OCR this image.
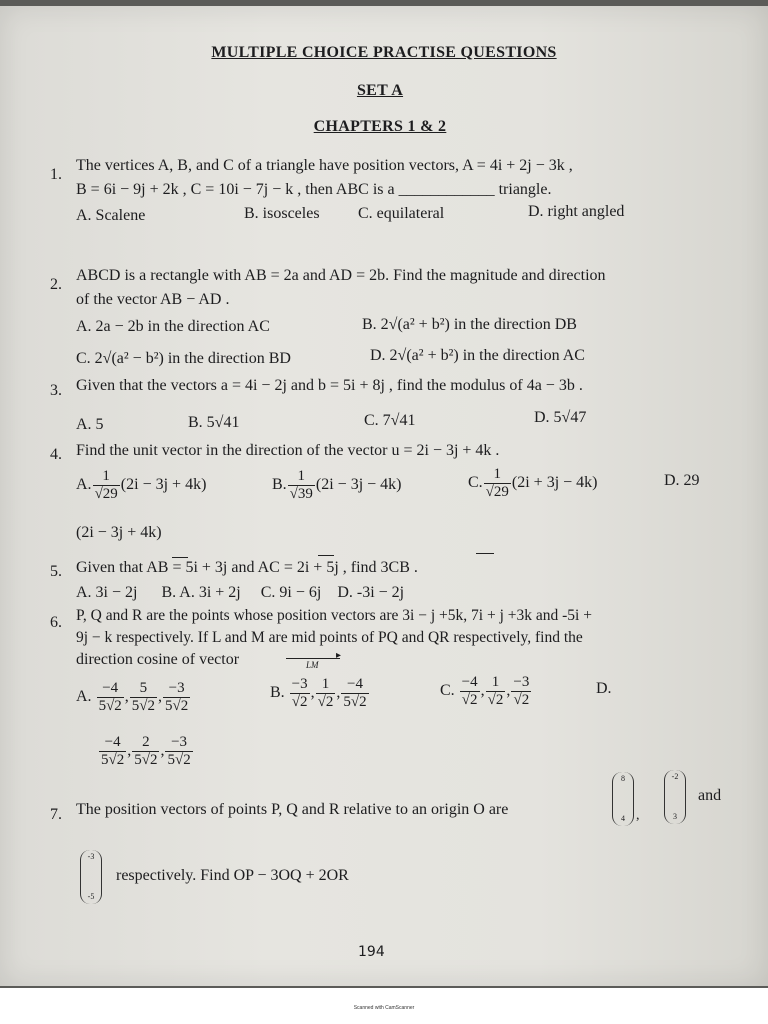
Scanned with CamScanner
MULTIPLE CHOICE PRACTISE QUESTIONS
SET A
CHAPTERS 1 & 2
1.
The vertices A, B, and C of a triangle have position vectors, A = 4i + 2j − 3k ,
B = 6i − 9j + 2k , C = 10i − 7j − k , then ABC is a ____________ triangle.
A. Scalene	B. isosceles C. equilateral	D. right angled
2.
ABCD is a rectangle with AB = 2a and AD = 2b. Find the magnitude and direction
of the vector AB − AD .
A. 2a − 2b in the direction AC	B. 2√(a² + b²) in the direction DB
C. 2√(a² − b²) in the direction BD	D. 2√(a² + b²) in the direction AC
3. Given that the vectors a = 4i − 2j and b = 5i + 8j , find the modulus of 4a − 3b .
A. 5	B. 5√41	C. 7√41	D. 5√47
4. Find the unit vector in the direction of the vector u = 2i − 3j + 4k .
A. $\frac{1}{√29} (2i - 3j + 4k)$	B. $\frac{1}{√39} (2i - 3j - 4k)$	C. $\frac{1}{√29} (2i + 3j - 4k)$	D. 29
(2i − 3j + 4k)
5. Given that AB = 5i + 3j and AC = 2i + 5j , find 3CB .
A. 3i − 2j      B. A. 3i + 2j     C. 9i − 6j    D. -3i − 2j
6. P, Q and R are the points whose position vectors are 3i − j +5k, 7i + j +3k and -5i +
9j − k respectively. If L and M are mid points of PQ and QR respectively, find the
direction cosine of vector	LM
▸
A. $\frac{-4}{5√2}$ , $\frac{5}{5√2}$ , $\frac{-3}{5√2}$	B. $\frac{-3}{√2}$ , $\frac{1}{√2}$ , $\frac{-4}{5√2}$	C. $\frac{-4}{√2}$ , $\frac{1}{√2}$ , $\frac{-3}{√2}$	D.
$\frac{-4}{5√2}$ , $\frac{2}{5√2}$ , $\frac{-3}{5√2}$
7. The position vectors of points P, Q and R relative to an origin O are
8
4 ,
-2
3
and
-3
-5
respectively. Find OP − 3OQ + 2OR
194
